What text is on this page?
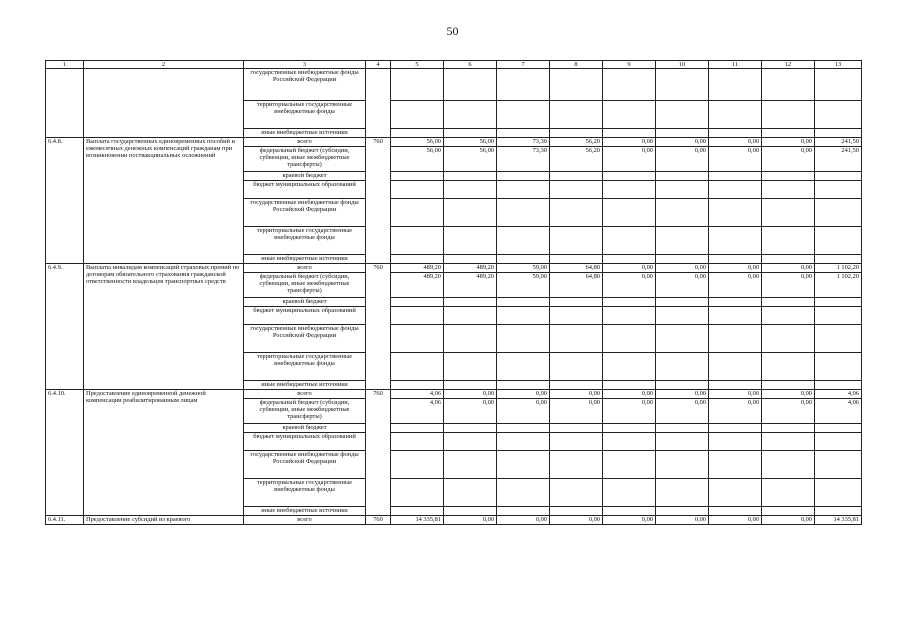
50
1	2	3	4	5	6	7	8	9	10	11	12	13
		государственные внебюджетные фонды Российской Федерации										
		территориальные государственные внебюджетные фонды										
		иные внебюджетные источники										
6.4.8.	Выплата государственных единовременных пособий и ежемесячных денежных компенсаций гражданам при возникновении поствакцинальных осложнений	всего	760	56,00	56,00	73,30	56,20	0,00	0,00	0,00	0,00	241,50
		федеральный бюджет (субсидии, субвенции, иные межбюджетные трансферты)		56,00	56,00	73,30	56,20	0,00	0,00	0,00	0,00	241,50
		краевой бюджет										
		бюджет муниципальных образований										
		государственные внебюджетные фонды Российской Федерации										
		территориальные государственные внебюджетные фонды										
		иные внебюджетные источники										
6.4.9.	Выплаты инвалидам компенсаций страховых премий по договорам обязательного страхования гражданской ответственности владельцев транспортных средств	всего	760	489,20	489,20	59,00	64,80	0,00	0,00	0,00	0,00	1 102,20
		федеральный бюджет (субсидии, субвенции, иные межбюджетные трансферты)		489,20	489,20	59,00	64,80	0,00	0,00	0,00	0,00	1 102,20
		краевой бюджет										
		бюджет муниципальных образований										
		государственные внебюджетные фонды Российской Федерации										
		территориальные государственные внебюджетные фонды										
		иные внебюджетные источники										
6.4.10.	Предоставление единовременной денежной компенсации реабилитированным лицам	всего	760	4,06	0,00	0,00	0,00	0,00	0,00	0,00	0,00	4,06
		федеральный бюджет (субсидии, субвенции, иные межбюджетные трансферты)		4,06	0,00	0,00	0,00	0,00	0,00	0,00	0,00	4,06
		краевой бюджет										
		бюджет муниципальных образований										
		государственные внебюджетные фонды Российской Федерации										
		территориальные государственные внебюджетные фонды										
		иные внебюджетные источники										
6.4.11.	Предоставление субсидий из краевого	всего	760	14 335,81	0,00	0,00	0,00	0,00	0,00	0,00	0,00	14 335,81
